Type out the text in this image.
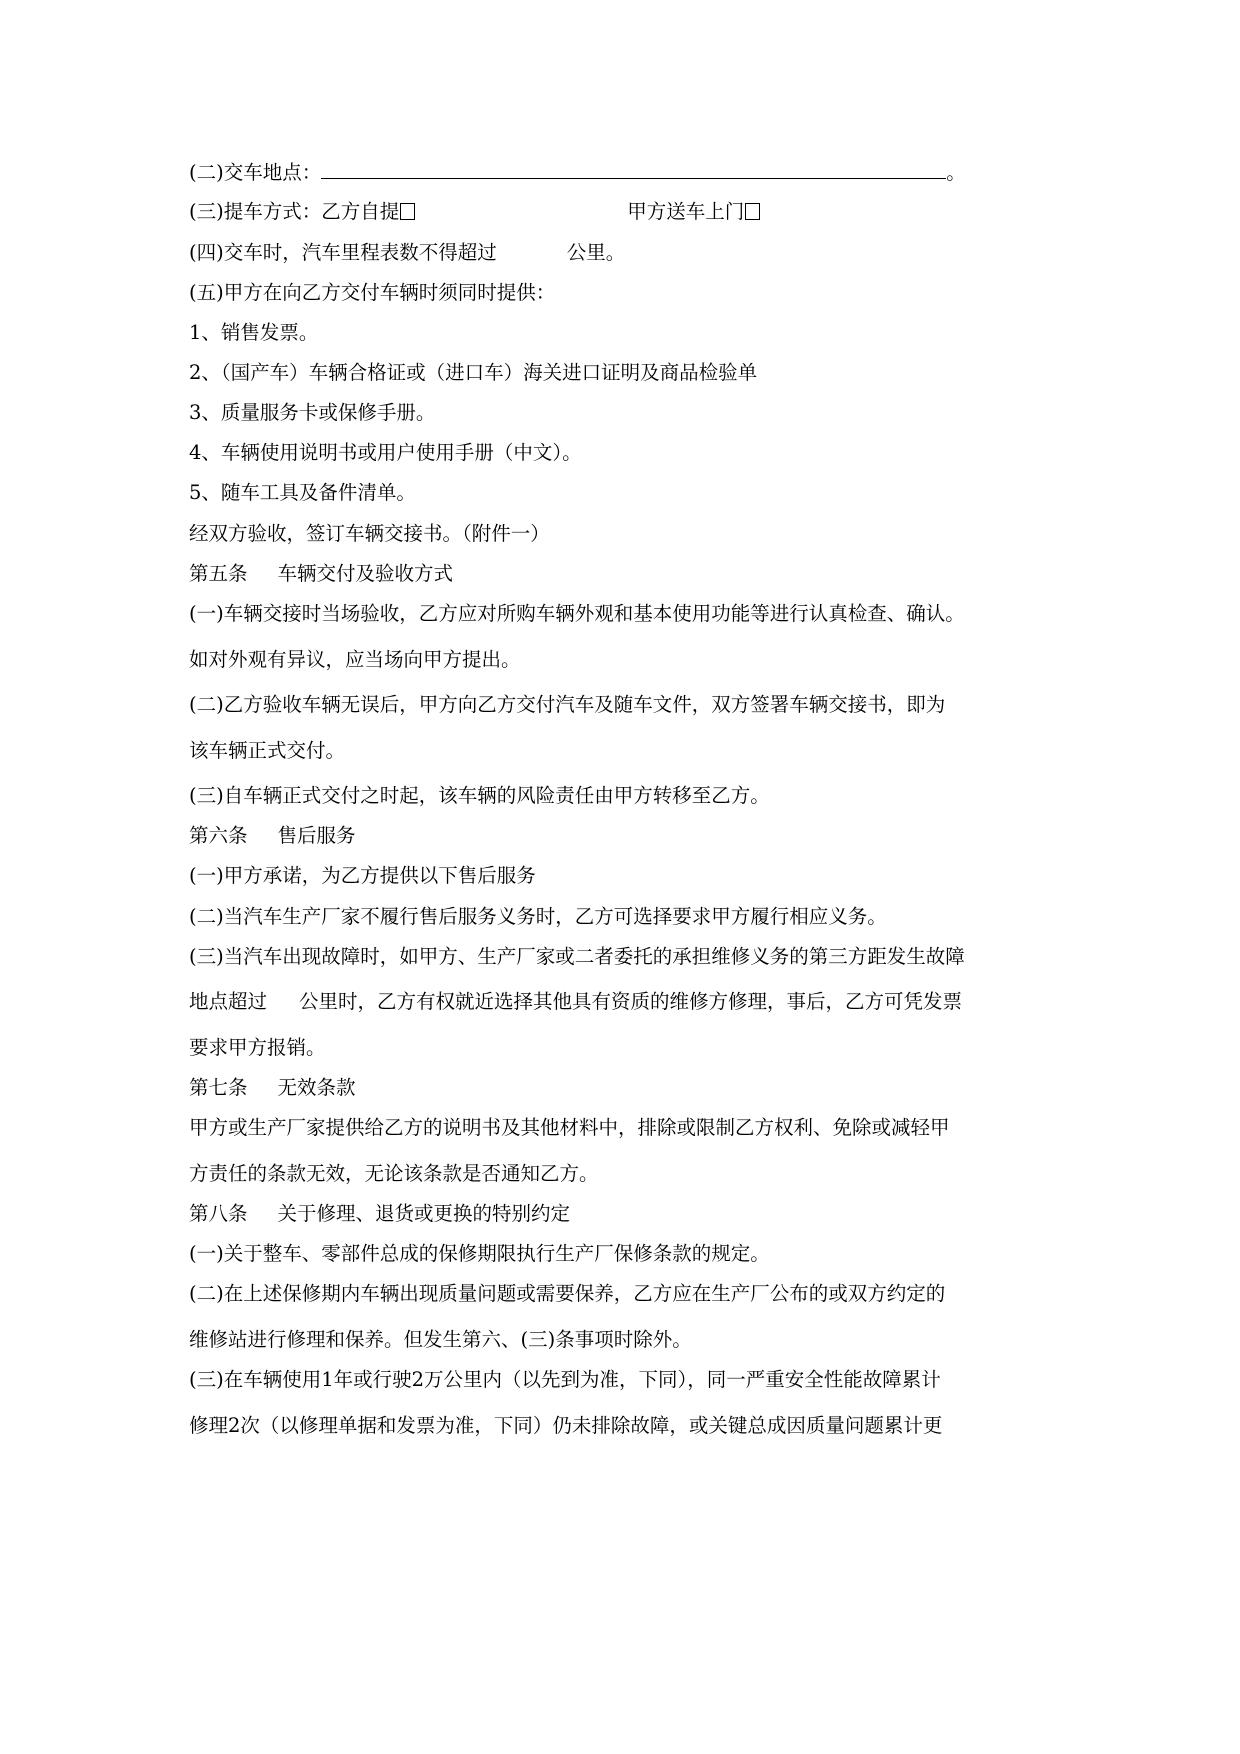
(二)交车地点：	。
(三)提车方式：乙方自提	甲方送车上门
(四)交车时，汽车里程表数不得超过	公里。
(五)甲方在向乙方交付车辆时须同时提供：
1、销售发票。
2、（国产车）车辆合格证或（进口车）海关进口证明及商品检验单
3、质量服务卡或保修手册。
4、车辆使用说明书或用户使用手册（中文）。
5、随车工具及备件清单。
经双方验收，签订车辆交接书。（附件一）
第五条 车辆交付及验收方式
(一)车辆交接时当场验收，乙方应对所购车辆外观和基本使用功能等进行认真检查、确认。
如对外观有异议，应当场向甲方提出。
(二)乙方验收车辆无误后，甲方向乙方交付汽车及随车文件，双方签署车辆交接书，即为
该车辆正式交付。
(三)自车辆正式交付之时起，该车辆的风险责任由甲方转移至乙方。
第六条 售后服务
(一)甲方承诺，为乙方提供以下售后服务
(二)当汽车生产厂家不履行售后服务义务时，乙方可选择要求甲方履行相应义务。
(三)当汽车出现故障时，如甲方、生产厂家或二者委托的承担维修义务的第三方距发生故障
地点超过 公里时，乙方有权就近选择其他具有资质的维修方修理，事后，乙方可凭发票
要求甲方报销。
第七条 无效条款
甲方或生产厂家提供给乙方的说明书及其他材料中，排除或限制乙方权利、免除或减轻甲
方责任的条款无效，无论该条款是否通知乙方。
第八条 关于修理、退货或更换的特别约定
(一)关于整车、零部件总成的保修期限执行生产厂保修条款的规定。
(二)在上述保修期内车辆出现质量问题或需要保养，乙方应在生产厂公布的或双方约定的
维修站进行修理和保养。但发生第六、(三)条事项时除外。
(三)在车辆使用1年或行驶2万公里内（以先到为准，下同），同一严重安全性能故障累计
修理2次（以修理单据和发票为准，下同）仍未排除故障，或关键总成因质量问题累计更
